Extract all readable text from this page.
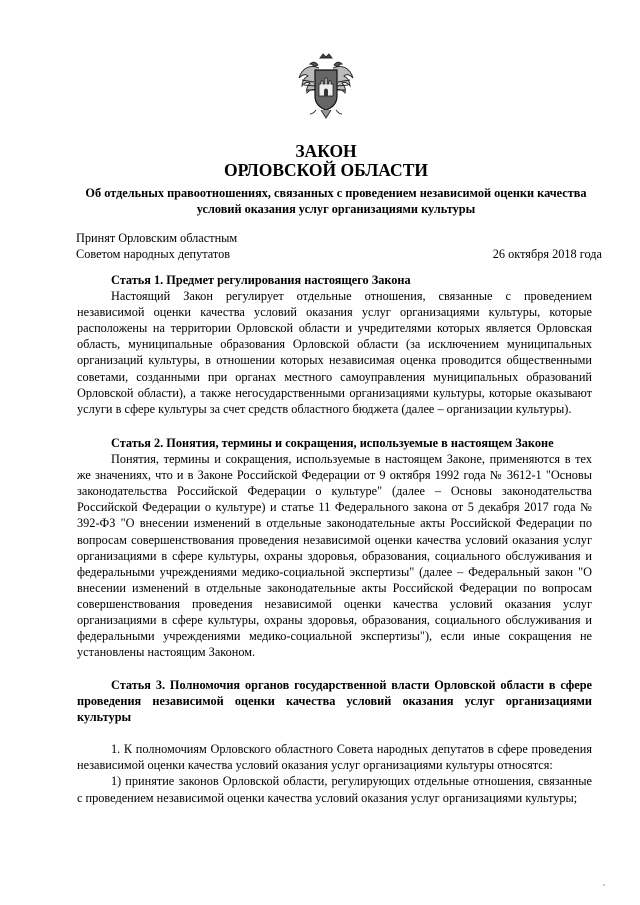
ЗАКОН
ОРЛОВСКОЙ ОБЛАСТИ
Об отдельных правоотношениях, связанных с проведением независимой оценки качества условий оказания услуг организациями культуры
Принят Орловским областным
Советом народных депутатов	26 октября 2018 года

Статья 1. Предмет регулирования настоящего Закона

Настоящий Закон регулирует отдельные отношения, связанные с проведением независимой оценки качества условий оказания услуг организациями культуры, которые расположены на территории Орловской области и учредителями которых является Орловская область, муниципальные образования Орловской области (за исключением муниципальных организаций культуры, в отношении которых независимая оценка проводится общественными советами, созданными при органах местного самоуправления муниципальных образований Орловской области), а также негосударственными организациями культуры, которые оказывают услуги в сфере культуры за счет средств областного бюджета (далее – организации культуры).

Статья 2. Понятия, термины и сокращения, используемые в настоящем Законе

Понятия, термины и сокращения, используемые в настоящем Законе, применяются в тех же значениях, что и в Законе Российской Федерации от 9 октября 1992 года № 3612-1 "Основы законодательства Российской Федерации о культуре" (далее – Основы законодательства Российской Федерации о культуре) и статье 11 Федерального закона от 5 декабря 2017 года № 392-ФЗ "О внесении изменений в отдельные законодательные акты Российской Федерации по вопросам совершенствования проведения независимой оценки качества условий оказания услуг организациями в сфере культуры, охраны здоровья, образования, социального обслуживания и федеральными учреждениями медико-социальной экспертизы" (далее – Федеральный закон "О внесении изменений в отдельные законодательные акты Российской Федерации по вопросам совершенствования проведения независимой оценки качества условий оказания услуг организациями в сфере культуры, охраны здоровья, образования, социального обслуживания и федеральными учреждениями медико-социальной экспертизы"), если иные сокращения не установлены настоящим Законом.

Статья 3. Полномочия органов государственной власти Орловской области в сфере проведения независимой оценки качества условий оказания услуг организациями культуры

1. К полномочиям Орловского областного Совета народных депутатов в сфере проведения независимой оценки качества условий оказания услуг организациями культуры относятся:

1) принятие законов Орловской области, регулирующих отдельные отношения, связанные с проведением независимой оценки качества условий оказания услуг организациями культуры;
